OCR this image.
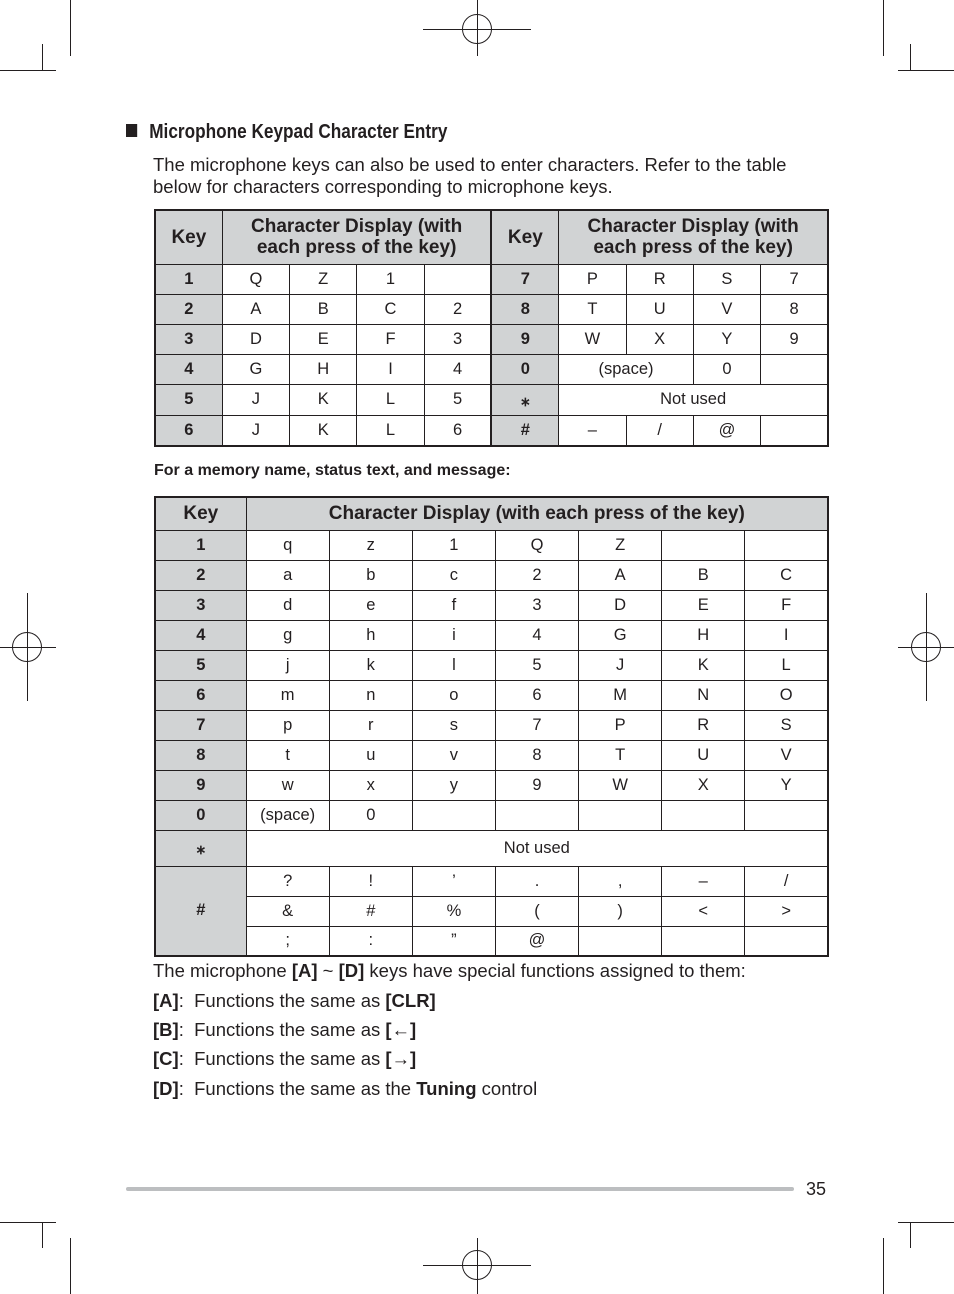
Microphone Keypad Character Entry
The microphone keys can also be used to enter characters. Refer to the table
below for characters corresponding to microphone keys.
Key	Character Display (with each press of the key)				Key	Character Display (with each press of the key)			
1	Q	Z	1		7	P	R	S	7
2	A	B	C	2	8	T	U	V	8
3	D	E	F	3	9	W	X	Y	9
4	G	H	I	4	0	(space)		0	
5	J	K	L	5	⁎	Not used			
6	J	K	L	6	#	–	/	@	
For a memory name, status text, and message:
Key	Character Display (with each press of the key)						
1	q	z	1	Q	Z		
2	a	b	c	2	A	B	C
3	d	e	f	3	D	E	F
4	g	h	i	4	G	H	I
5	j	k	l	5	J	K	L
6	m	n	o	6	M	N	O
7	p	r	s	7	P	R	S
8	t	u	v	8	T	U	V
9	w	x	y	9	W	X	Y
0	(space)	0					
⁎	Not used						
#	?	!	’	.	,	–	/
	&	#	%	(	)	<	>
	;	:	”	@			
The microphone [A] ~ [D] keys have special functions assigned to them:
[A]:  Functions the same as [CLR]
[B]:  Functions the same as [←]
[C]:  Functions the same as [→]
[D]:  Functions the same as the Tuning control
35
